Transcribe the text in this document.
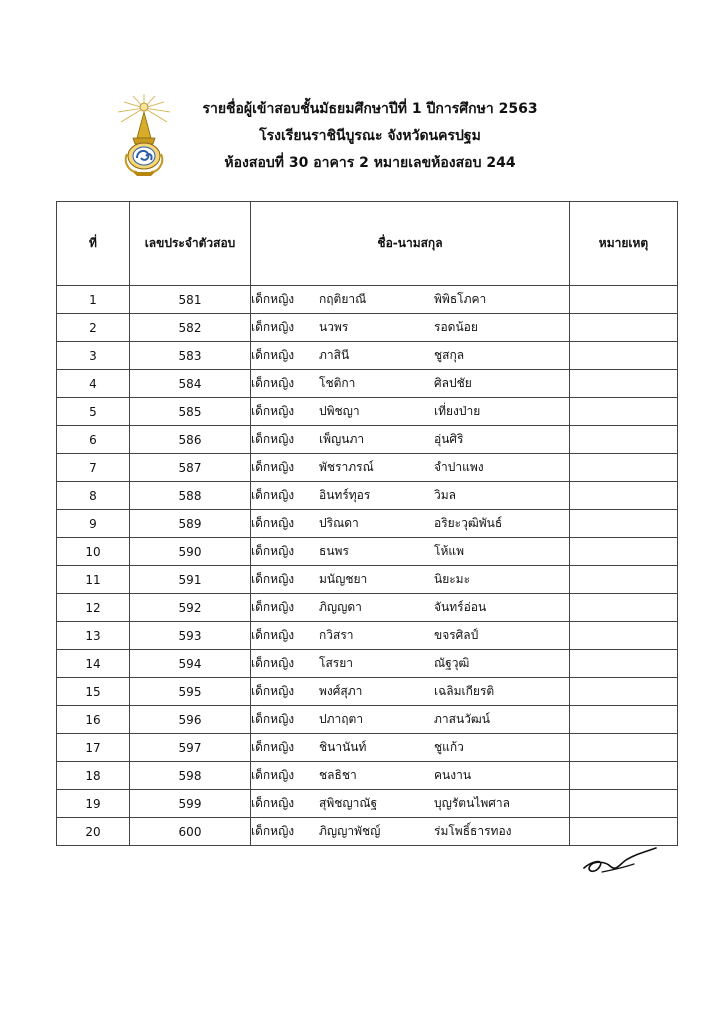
รายชื่อผู้เข้าสอบชั้นมัธยมศึกษาปีที่ 1 ปีการศึกษา 2563
โรงเรียนราชินีบูรณะ จังหวัดนครปฐม
ห้องสอบที่ 30 อาคาร 2 หมายเลขห้องสอบ 244
ที่	เลขประจำตัวสอบ	ชื่อ-นามสกุล	หมายเหตุ
1	581	เด็กหญิง กฤติยาณี พิพิธโภคา	
2	582	เด็กหญิง นวพร รอดน้อย	
3	583	เด็กหญิง ภาสินี ชูสกุล	
4	584	เด็กหญิง โชติกา ศิลปชัย	
5	585	เด็กหญิง ปพิชญา เที่ยงป่าย	
6	586	เด็กหญิง เพ็ญนภา อุ่นศิริ	
7	587	เด็กหญิง พัชราภรณ์ จำปาแพง	
8	588	เด็กหญิง อินทร์ทุอร วิมล	
9	589	เด็กหญิง ปริณดา อริยะวุฒิพันธ์	
10	590	เด็กหญิง ธนพร โห้แพ	
11	591	เด็กหญิง มนัญชยา นิยะมะ	
12	592	เด็กหญิง ภิญญดา จันทร์อ่อน	
13	593	เด็กหญิง กวิสรา ขจรศิลป์	
14	594	เด็กหญิง โสรยา ณัฐวุฒิ	
15	595	เด็กหญิง พงศ์สุภา เฉลิมเกียรติ	
16	596	เด็กหญิง ปภาฤตา ภาสนวัฒน์	
17	597	เด็กหญิง ชินานันท์ ชูแก้ว	
18	598	เด็กหญิง ชลธิชา คนงาน	
19	599	เด็กหญิง สุพิชญาณัฐ บุญรัตนไพศาล	
20	600	เด็กหญิง ภิญญาพัชญ์ ร่มโพธิ์ธารทอง	
